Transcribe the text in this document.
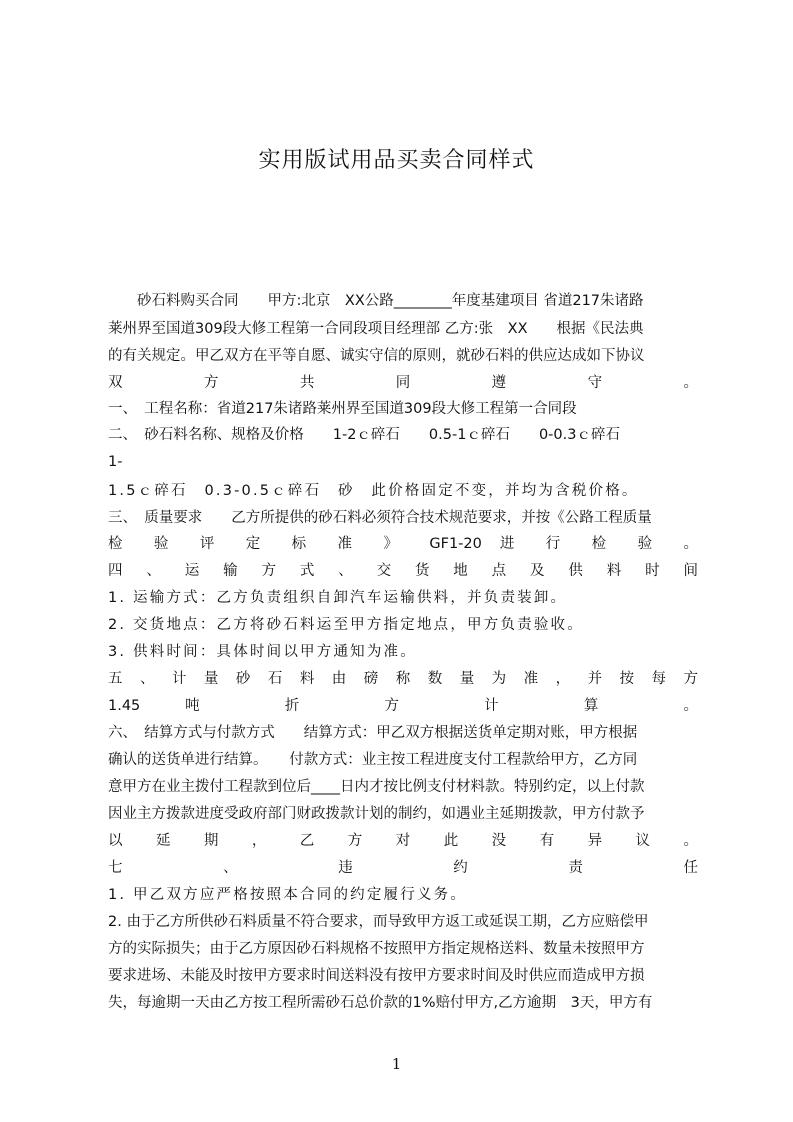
实用版试用品买卖合同样式
　　砂石料购买合同　　甲方:北京　XX公路________年度基建项目 省道217朱诸路
莱州界至国道309段大修工程第一合同段项目经理部 乙方:张　XX　　根据《民法典
的有关规定。甲乙双方在平等自愿、诚实守信的原则，就砂石料的供应达成如下协议
双 方 共 同 遵 守 。
一、　工程名称：省道217朱诸路莱州界至国道309段大修工程第一合同段
二、　砂石料名称、规格及价格　　1-2ｃ碎石　　0.5-1ｃ碎石　　0-0.3ｃ碎石
1-
1.5ｃ碎石　0.3-0.5ｃ碎石　砂　此价格固定不变，并均为含税价格。
三、　质量要求　　乙方所提供的砂石料必须符合技术规范要求，并按《公路工程质量
检 验 评 定 标 准 》 GF1-20 进 行 检 验 。
四 、 运 输 方 式 、 交 货 地 点 及 供 料 时 间
1. 运输方式：乙方负责组织自卸汽车运输供料，并负责装卸。
2. 交货地点：乙方将砂石料运至甲方指定地点，甲方负责验收。
3. 供料时间：具体时间以甲方通知为准。
五 、 计 量 砂 石 料 由 磅 称 数 量 为 准 ， 并 按 每 方
1.45 吨 折 方 计 算 。
六、　结算方式与付款方式　　结算方式：甲乙双方根据送货单定期对账，甲方根据
确认的送货单进行结算。　　付款方式：业主按工程进度支付工程款给甲方，乙方同
意甲方在业主拨付工程款到位后____日内才按比例支付材料款。特别约定，以上付款
因业主方拨款进度受政府部门财政拨款计划的制约，如遇业主延期拨款，甲方付款予
以 延 期 ， 乙 方 对 此 没 有 异 议 。
七 、 违 约 责 任
1. 甲乙双方应严格按照本合同的约定履行义务。
2. 由于乙方所供砂石料质量不符合要求，而导致甲方返工或延误工期，乙方应赔偿甲
方的实际损失；由于乙方原因砂石料规格不按照甲方指定规格送料、数量未按照甲方
要求进场、未能及时按甲方要求时间送料没有按甲方要求时间及时供应而造成甲方损
失，每逾期一天由乙方按工程所需砂石总价款的1%赔付甲方,乙方逾期　3天，甲方有
1
